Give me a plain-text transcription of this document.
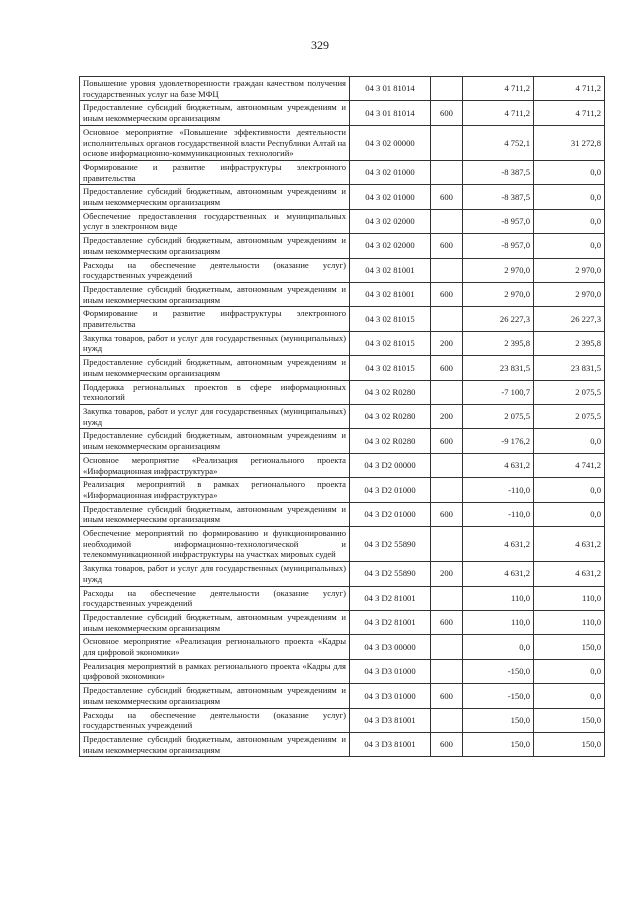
329
Повышение уровня удовлетворенности граждан качеством получения государственных услуг на базе МФЦ	04 3 01 81014		4 711,2	4 711,2
Предоставление субсидий бюджетным, автономным учреждениям и иным некоммерческим организациям	04 3 01 81014	600	4 711,2	4 711,2
Основное мероприятие «Повышение эффективности деятельности исполнительных органов государственной власти Республики Алтай на основе информационно-коммуникационных технологий»	04 3 02 00000		4 752,1	31 272,8
Формирование и развитие инфраструктуры электронного правительства	04 3 02 01000		-8 387,5	0,0
Предоставление субсидий бюджетным, автономным учреждениям и иным некоммерческим организациям	04 3 02 01000	600	-8 387,5	0,0
Обеспечение предоставления государственных и муниципальных услуг в электронном виде	04 3 02 02000		-8 957,0	0,0
Предоставление субсидий бюджетным, автономным учреждениям и иным некоммерческим организациям	04 3 02 02000	600	-8 957,0	0,0
Расходы на обеспечение деятельности (оказание услуг) государственных учреждений	04 3 02 81001		2 970,0	2 970,0
Предоставление субсидий бюджетным, автономным учреждениям и иным некоммерческим организациям	04 3 02 81001	600	2 970,0	2 970,0
Формирование и развитие инфраструктуры электронного правительства	04 3 02 81015		26 227,3	26 227,3
Закупка товаров, работ и услуг для государственных (муниципальных) нужд	04 3 02 81015	200	2 395,8	2 395,8
Предоставление субсидий бюджетным, автономным учреждениям и иным некоммерческим организациям	04 3 02 81015	600	23 831,5	23 831,5
Поддержка региональных проектов в сфере информационных технологий	04 3 02 R0280		-7 100,7	2 075,5
Закупка товаров, работ и услуг для государственных (муниципальных) нужд	04 3 02 R0280	200	2 075,5	2 075,5
Предоставление субсидий бюджетным, автономным учреждениям и иным некоммерческим организациям	04 3 02 R0280	600	-9 176,2	0,0
Основное мероприятие «Реализация регионального проекта «Информационная инфраструктура»	04 3 D2 00000		4 631,2	4 741,2
Реализация мероприятий в рамках регионального проекта «Информационная инфраструктура»	04 3 D2 01000		-110,0	0,0
Предоставление субсидий бюджетным, автономным учреждениям и иным некоммерческим организациям	04 3 D2 01000	600	-110,0	0,0
Обеспечение мероприятий по формированию и функционированию необходимой информационно-технологической и телекоммуникационной инфраструктуры на участках мировых судей	04 3 D2 55890		4 631,2	4 631,2
Закупка товаров, работ и услуг для государственных (муниципальных) нужд	04 3 D2 55890	200	4 631,2	4 631,2
Расходы на обеспечение деятельности (оказание услуг) государственных учреждений	04 3 D2 81001		110,0	110,0
Предоставление субсидий бюджетным, автономным учреждениям и иным некоммерческим организациям	04 3 D2 81001	600	110,0	110,0
Основное мероприятие «Реализация регионального проекта «Кадры для цифровой экономики»	04 3 D3 00000		0,0	150,0
Реализация мероприятий в рамках регионального проекта «Кадры для цифровой экономики»	04 3 D3 01000		-150,0	0,0
Предоставление субсидий бюджетным, автономным учреждениям и иным некоммерческим организациям	04 3 D3 01000	600	-150,0	0,0
Расходы на обеспечение деятельности (оказание услуг) государственных учреждений	04 3 D3 81001		150,0	150,0
Предоставление субсидий бюджетным, автономным учреждениям и иным некоммерческим организациям	04 3 D3 81001	600	150,0	150,0
